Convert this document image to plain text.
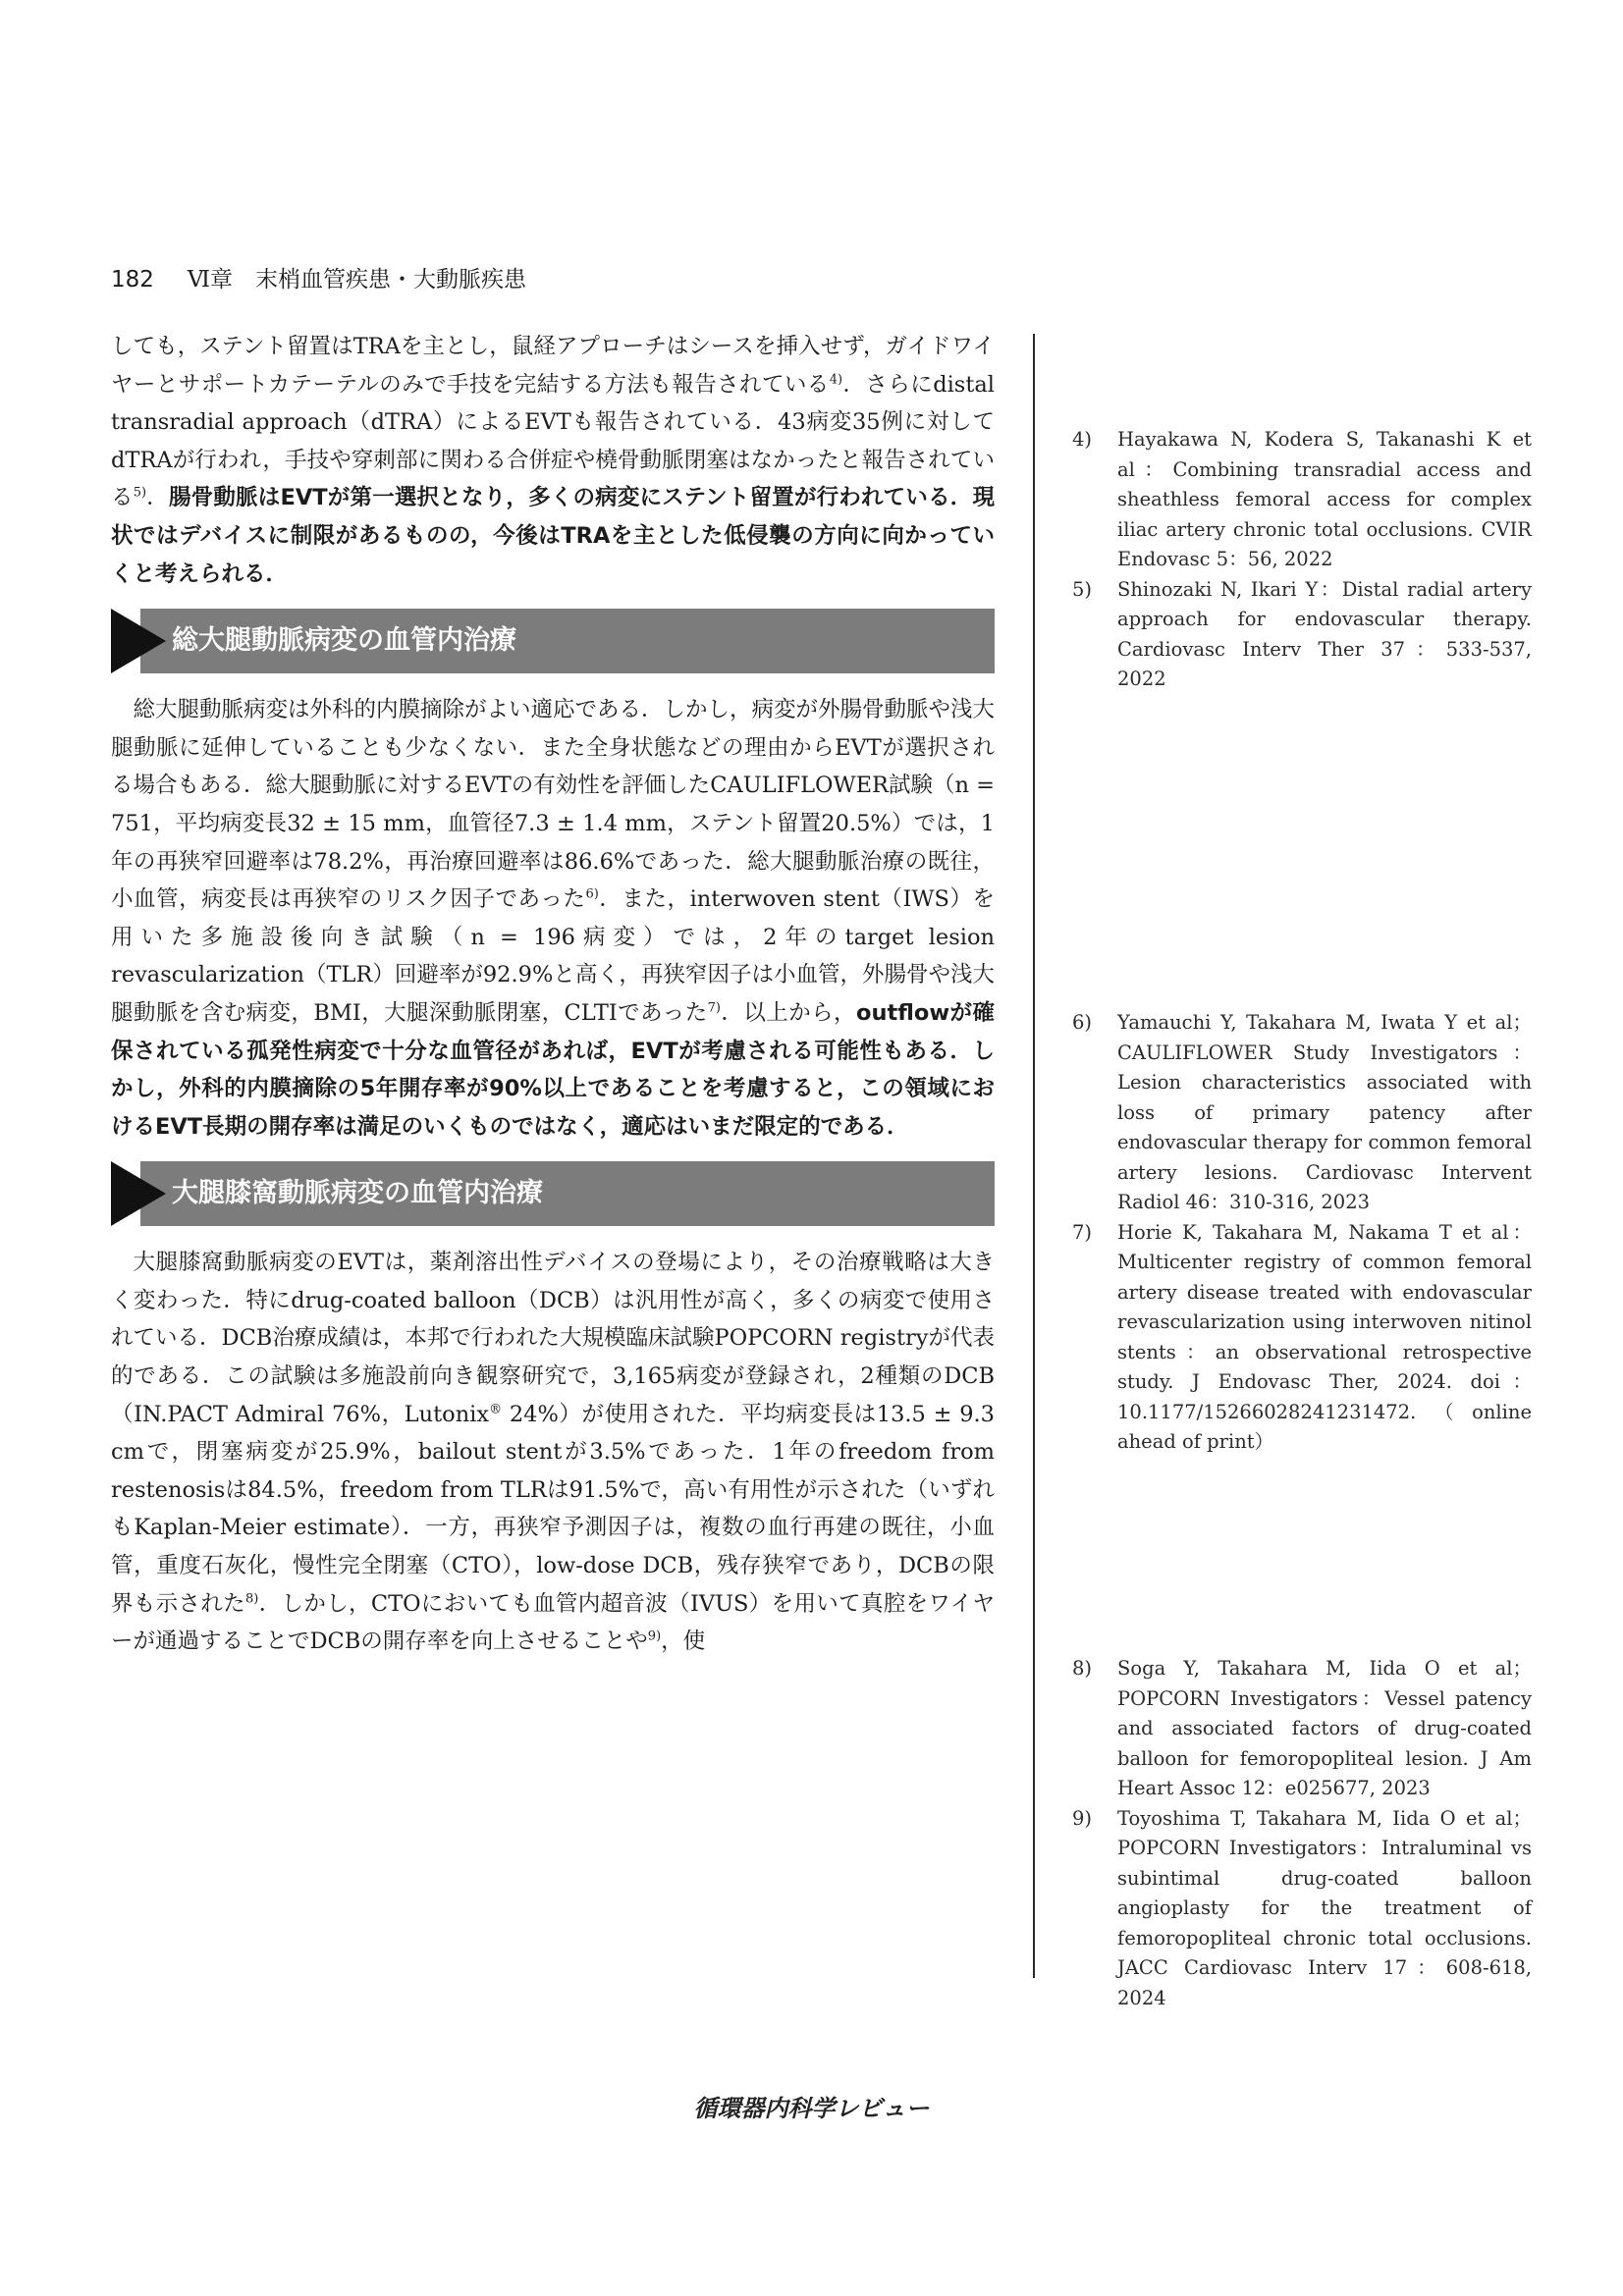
182 Ⅵ章　末梢血管疾患・大動脈疾患

しても，ステント留置はTRAを主とし，鼠経アプローチはシースを挿入せず，ガイドワイヤーとサポートカテーテルのみで手技を完結する方法も報告されている$^{4)}$．さらにdistal transradial approach（dTRA）によるEVTも報告されている．43病変35例に対してdTRAが行われ，手技や穿刺部に関わる合併症や橈骨動脈閉塞はなかったと報告されている$^{5)}$．腸骨動脈はEVTが第一選択となり，多くの病変にステント留置が行われている．現状ではデバイスに制限があるものの，今後はTRAを主とした低侵襲の方向に向かっていくと考えられる．

総大腿動脈病変の血管内治療

総大腿動脈病変は外科的内膜摘除がよい適応である．しかし，病変が外腸骨動脈や浅大腿動脈に延伸していることも少なくない．また全身状態などの理由からEVTが選択される場合もある．総大腿動脈に対するEVTの有効性を評価したCAULIFLOWER試験（n = 751，平均病変長32 ± 15 mm，血管径7.3 ± 1.4 mm，ステント留置20.5%）では，1年の再狭窄回避率は78.2%，再治療回避率は86.6%であった．総大腿動脈治療の既往，小血管，病変長は再狭窄のリスク因子であった$^{6)}$．また，interwoven stent（IWS）を用いた多施設後向き試験（n = 196病変）では，2年のtarget lesion revascularization（TLR）回避率が92.9%と高く，再狭窄因子は小血管，外腸骨や浅大腿動脈を含む病変，BMI，大腿深動脈閉塞，CLTIであった$^{7)}$．以上から，outflowが確保されている孤発性病変で十分な血管径があれば，EVTが考慮される可能性もある．しかし，外科的内膜摘除の5年開存率が90%以上であることを考慮すると，この領域におけるEVT長期の開存率は満足のいくものではなく，適応はいまだ限定的である．

大腿膝窩動脈病変の血管内治療

大腿膝窩動脈病変のEVTは，薬剤溶出性デバイスの登場により，その治療戦略は大きく変わった．特にdrug-coated balloon（DCB）は汎用性が高く，多くの病変で使用されている．DCB治療成績は，本邦で行われた大規模臨床試験POPCORN registryが代表的である．この試験は多施設前向き観察研究で，3,165病変が登録され，2種類のDCB（IN.PACT Admiral 76%，Lutonix® 24%）が使用された．平均病変長は13.5 ± 9.3 cmで，閉塞病変が25.9%，bailout stentが3.5%であった．1年のfreedom from restenosisは84.5%，freedom from TLRは91.5%で，高い有用性が示された（いずれもKaplan-Meier estimate）．一方，再狭窄予測因子は，複数の血行再建の既往，小血管，重度石灰化，慢性完全閉塞（CTO），low-dose DCB，残存狭窄であり，DCBの限界も示された$^{8)}$．しかし，CTOにおいても血管内超音波（IVUS）を用いて真腔をワイヤーが通過することでDCBの開存率を向上させることや$^{9)}$，使

4) Hayakawa N, Kodera S, Takanashi K et al：Combining transradial access and sheathless femoral access for complex iliac artery chronic total occlusions. CVIR Endovasc 5：56, 2022
5) Shinozaki N, Ikari Y：Distal radial artery approach for endovascular therapy. Cardiovasc Interv Ther 37：533-537, 2022
6) Yamauchi Y, Takahara M, Iwata Y et al；CAULIFLOWER Study Investigators：Lesion characteristics associated with loss of primary patency after endovascular therapy for common femoral artery lesions. Cardiovasc Intervent Radiol 46：310-316, 2023
7) Horie K, Takahara M, Nakama T et al：Multicenter registry of common femoral artery disease treated with endovascular revascularization using interwoven nitinol stents：an observational retrospective study. J Endovasc Ther, 2024. doi：10.1177/15266028241231472.（online ahead of print）
8) Soga Y, Takahara M, Iida O et al；POPCORN Investigators：Vessel patency and associated factors of drug-coated balloon for femoropopliteal lesion. J Am Heart Assoc 12：e025677, 2023
9) Toyoshima T, Takahara M, Iida O et al；POPCORN Investigators：Intraluminal vs subintimal drug-coated balloon angioplasty for the treatment of femoropopliteal chronic total occlusions. JACC Cardiovasc Interv 17：608-618, 2024
循環器内科学レビュー
